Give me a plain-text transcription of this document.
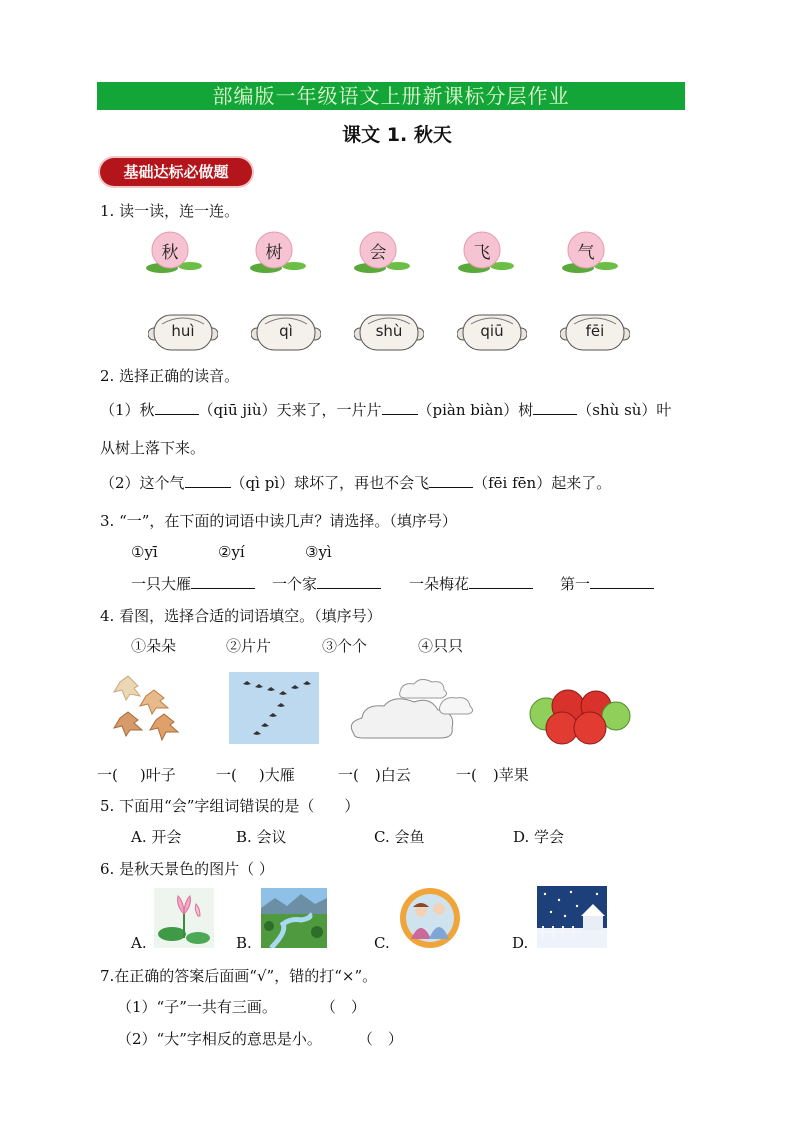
部编版一年级语文上册新课标分层作业
课文 1. 秋天
基础达标必做题
1. 读一读，连一连。
秋	树	会	飞	气
huì	qì	shù	qiū	fēi
2. 选择正确的读音。
（1）秋	（qiū jiù）天来了，一片片 （piàn biàn）树	（shù sù）叶
从树上落下来。
（2）这个气	（qì pì）球坏了，再也不会飞	（fēi fēn）起来了。
3. “一”，在下面的词语中读几声？请选择。（填序号）
①yī	②yí	③yì
一只大雁	一个家	一朵梅花	第一
4. 看图，选择合适的词语填空。（填序号）
①朵朵	②片片	③个个	④只只
一( )叶子	一( )大雁	一( )白云	一( )苹果
5. 下面用“会”字组词错误的是（　　）
A. 开会	B. 会议	C. 会鱼	D. 学会
6. 是秋天景色的图片（ ）
A.	B.	C.	D.
7.在正确的答案后面画“√”，错的打“×”。
（1）“子”一共有三画。	（　）
（2）“大”字相反的意思是小。 （　）
